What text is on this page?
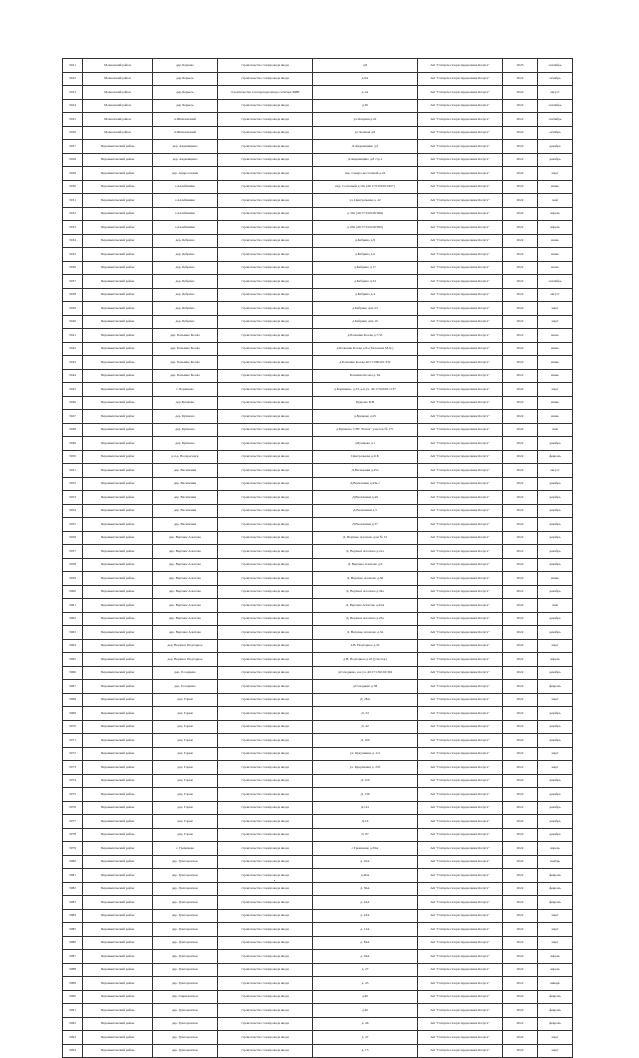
5021	Мошокский район	дер.Харчево	строительство газопровода ввода	д.8	АО "Газпром газораспределение Калуга"	2023	сентябрь
5022	Мошокский район	дер.Черкесь	строительство газопровода ввода	д.9А	АО "Газпром газораспределение Калуга"	2022	октябрь
5023	Мошокский район	дер.Черкесь	строительство газопровода ввода сети/цех ВИВ	д.1А	АО "Газпром газораспределение Калуга"	2022	август
5024	Мошокский район	дер.Черкесь	строительство газопровода ввода	д.30	АО "Газпром газораспределение Калуга"	2022	сентябрь
5025	Мошокский район	п.Шпиловский	строительство газопровода ввода	ул.Озерная д.22	АО "Газпром газораспределение Калуга"	2022	сентябрь
5026	Мошокский район	п.Шпиловский	строительство газопровода ввода	ул.Зеленая д.9	АО "Газпром газораспределение Калуга"	2022	октябрь
5027	Перемышльский район	дер. Авдеевщино	строительство газопровода ввода	Д.Авдеевщино д.2	АО "Газпром газораспределение Калуга"	2022	декабрь
5028	Перемышльский район	дер. Авдеевщино	строительство газопровода ввода	Д.Авдеевщино д.8 стр.1	АО "Газпром газораспределение Калуга"	2022	декабрь
5029	Перемышльский район	дер. Андросовичи	строительство газопровода ввода	пер. Северо-восточный д.24	АО "Газпром газораспределение Калуга"	2022	март
5030	Перемышльский район	с.Ахлебинино	строительство газопровода ввода	пер. Сосновый д.10а (40:17:010106:1607)	АО "Газпром газораспределение Калуга"	2022	июнь
5031	Перемышльский район	с.Ахлебинино	строительство газопровода ввода	ул. Центральная д. 22	АО "Газпром газораспределение Калуга"	2022	май
5032	Перемышльский район	с.Ахлебинино	строительство газопровода ввода	д. 56а (40:17:010106:609)	АО "Газпром газораспределение Калуга"	2022	апрель
5033	Перемышльский район	с.Ахлебинино	строительство газопровода ввода	д. 69а (40:17:010106:695)	АО "Газпром газораспределение Калуга"	2022	апрель
5034	Перемышльский район	дер. Бебрино	строительство газопровода ввода	д.Бебрино д.8	АО "Газпром газораспределение Калуга"	2022	июнь
5035	Перемышльский район	дер. Бебрино	строительство газопровода ввода	д.Бебрино д.6	АО "Газпром газораспределение Калуга"	2022	июнь
5036	Перемышльский район	дер. Бебрино	строительство газопровода ввода	д.Бебрино д.17	АО "Газпром газораспределение Калуга"	2022	июль
5037	Перемышльский район	дер. Бебрино	строительство газопровода ввода	д.Бебрино д.34	АО "Газпром газораспределение Калуга"	2022	сентябрь
5038	Перемышльский район	дер. Бебрино	строительство газопровода ввода	д.Бебрино д.4	АО "Газпром газораспределение Калуга"	2022	август
5039	Перемышльский район	дер. Бебрино	строительство газопровода ввода	д.Бебрино дом 23	АО "Газпром газораспределение Калуга"	2022	март
5040	Перемышльский район	дер. Бебрино	строительство газопровода ввода	д.Бебрино дом 10	АО "Газпром газораспределение Калуга"	2022	март
5041	Перемышльский район	дер. Большие Козлы	строительство газопровода ввода	д.Большие Козлы д.7/33	АО "Газпром газораспределение Калуга"	2022	июль
5042	Перемышльский район	дер. Большие Козлы	строительство газопровода ввода	д.Большие Козлы д.6а (Тихонова М.О.)	АО "Газпром газораспределение Калуга"	2022	июнь
5043	Перемышльский район	дер. Большие Козлы	строительство газопровода ввода	д.Большие Козлы 40:17:080101:332	АО "Газпром газораспределение Калуга"	2022	июнь
5044	Перемышльский район	дер. Большие Козлы	строительство газопровода ввода	Большие Козлы д. 64	АО "Газпром газораспределение Калуга"	2022	июнь
5045	Перемышльский район	с. Борищево	строительство газопровода ввода	д.Борищево, д.33, к.н.уч. 40:17:020101:137	АО "Газпром газораспределение Калуга"	2022	март
5046	Перемышльский район	дер.Бушково	строительство газопровода ввода	Кудрово Б/Н	АО "Газпром газораспределение Калуга"	2022	июнь
5047	Перемышльский район	дер. Бушково	строительство газопровода ввода	д.Бушково д.25	АО "Газпром газораспределение Калуга"	2022	июнь
5048	Перемышльский район	дер. Бушково	строительство газопровода ввода	д.Бушково, СНТ "Ключ" участок № 171	АО "Газпром газораспределение Калуга"	2022	май
5049	Перемышльский район	дер. Бушково	строительство газопровода ввода	д.Бушково д.1	АО "Газпром газораспределение Калуга"	2022	декабрь
5050	Перемышльский район	р.п.д. Воскресенск	строительство газопровода ввода	Центральная д.21Б	АО "Газпром газораспределение Калуга"	2022	февраль
5051	Перемышльский район	дер. Василенки	строительство газопровода ввода	Д.Василенки д.25а	АО "Газпром газораспределение Калуга"	2022	август
5052	Перемышльский район	дер. Василенки	строительство газопровода ввода	Д.Василенки д.43к.1	АО "Газпром газораспределение Калуга"	2022	декабрь
5053	Перемышльский район	дер. Василенки	строительство газопровода ввода	Д.Василенки д.49	АО "Газпром газораспределение Калуга"	2022	декабрь
5054	Перемышльский район	дер. Василенки	строительство газопровода ввода	Д.Василенки д.5	АО "Газпром газораспределение Калуга"	2022	декабрь
5055	Перемышльский район	дер. Василенки	строительство газопровода ввода	Д.Василенки д.37	АО "Газпром газораспределение Калуга"	2022	декабрь
5056	Перемышльский район	дер. Верхнее Алопово	строительство газопровода ввода	Д. Верхнее Алопово дом № 15	АО "Газпром газораспределение Калуга"	2022	декабрь
5057	Перемышльский район	дер. Верхнее Алопово	строительство газопровода ввода	Д. Верхнее Алопово д.21а	АО "Газпром газораспределение Калуга"	2022	декабрь
5058	Перемышльский район	дер. Верхнее Алопово	строительство газопровода ввода	Д. Верхнее Алопово д.6	АО "Газпром газораспределение Калуга"	2022	декабрь
5059	Перемышльский район	дер. Верхнее Алопово	строительство газопровода ввода	Д. Верхнее Алопово д.56	АО "Газпром газораспределение Калуга"	2022	июнь
5060	Перемышльский район	дер. Верхнее Алопово	строительство газопровода ввода	Д. Верхнее Алопово д.34а	АО "Газпром газораспределение Калуга"	2022	декабрь
5061	Перемышльский район	дер. Верхнее Алопово	строительство газопровода ввода	Д. Верхнее Алопово д.45А	АО "Газпром газораспределение Калуга"	2022	май
5062	Перемышльский район	дер. Верхнее Алопово	строительство газопровода ввода	Д. Верхнее Алопово д.25а	АО "Газпром газораспределение Калуга"	2022	декабрь
5063	Перемышльский район	дер. Верхнее Алопово	строительство газопровода ввода	Д. Верхнее Алопово д.34	АО "Газпром газораспределение Калуга"	2022	декабрь
5064	Перемышльский район	дер. Верхнее Подгорное	строительство газопровода ввода	д.В. Подгорное д.32	АО "Газпром газораспределение Калуга"	2022	март
5065	Перемышльский район	дер. Верхнее Подгорное	строительство газопровода ввода	д.В. Подгорное д.45 (участок)	АО "Газпром газораспределение Калуга"	2022	апрель
5066	Перемышльский район	дер. Голоднево	строительство газопровода ввода	д.Голоднево, к.н.уч. 40:17:130102:302	АО "Газпром газораспределение Калуга"	2022	декабрь
5067	Перемышльский район	дер. Голоднево	строительство газопровода ввода	д.Голоднево д.38	АО "Газпром газораспределение Калуга"	2022	февраль
5068	Перемышльский район	дер. Горки	строительство газопровода ввода	Д. 28А	АО "Газпром газораспределение Калуга"	2022	март
5069	Перемышльский район	дер. Горки	строительство газопровода ввода	Д. 34	АО "Газпром газораспределение Калуга"	2022	декабрь
5070	Перемышльский район	дер. Горки	строительство газопровода ввода	Д. 42	АО "Газпром газораспределение Калуга"	2022	декабрь
5071	Перемышльский район	дер. Горки	строительство газопровода ввода	Д. 100	АО "Газпром газораспределение Калуга"	2022	декабрь
5072	Перемышльский район	дер. Горки	строительство газопровода ввода	ул. Кукушкина д. 2/2	АО "Газпром газораспределение Калуга"	2022	март
5073	Перемышльский район	дер. Горки	строительство газопровода ввода	ул. Кукушкина д. 25б	АО "Газпром газораспределение Калуга"	2022	март
5074	Перемышльский район	дер. Горки	строительство газопровода ввода	Д. 150	АО "Газпром газораспределение Калуга"	2022	декабрь
5075	Перемышльский район	дер. Горки	строительство газопровода ввода	Д. 139	АО "Газпром газораспределение Калуга"	2022	декабрь
5076	Перемышльский район	дер. Горки	строительство газопровода ввода	Д.141	АО "Газпром газораспределение Калуга"	2022	декабрь
5077	Перемышльский район	дер. Горки	строительство газопровода ввода	Д.16	АО "Газпром газораспределение Калуга"	2022	декабрь
5078	Перемышльский район	дер. Горки	строительство газопровода ввода	Д. 87	АО "Газпром газораспределение Калуга"	2022	декабрь
5079	Перемышльский район	с. Гремячево	строительство газопровода ввода	с.Гремячево д.39А	АО "Газпром газораспределение Калуга"	2022	апрель
5080	Перемышльский район	дер. Григоровское	строительство газопровода ввода	д. 45А	АО "Газпром газораспределение Калуга"	2022	ноябрь
5081	Перемышльский район	дер. Григоровское	строительство газопровода ввода	д.46А	АО "Газпром газораспределение Калуга"	2022	февраль
5082	Перемышльский район	дер. Григоровское	строительство газопровода ввода	д. 36А	АО "Газпром газораспределение Калуга"	2022	февраль
5083	Перемышльский район	дер. Григоровское	строительство газопровода ввода	д. 42А	АО "Газпром газораспределение Калуга"	2022	февраль
5084	Перемышльский район	дер. Григоровское	строительство газопровода ввода	д. 43А	АО "Газпром газораспределение Калуга"	2022	март
5085	Перемышльский район	дер. Григоровское	строительство газопровода ввода	д. 12А	АО "Газпром газораспределение Калуга"	2022	март
5086	Перемышльский район	дер. Григоровское	строительство газопровода ввода	д. 84А	АО "Газпром газораспределение Калуга"	2022	март
5087	Перемышльский район	дер. Григоровское	строительство газопровода ввода	д. 94А	АО "Газпром газораспределение Калуга"	2022	апрель
5088	Перемышльский район	дер. Григоровское	строительство газопровода ввода	д. 27	АО "Газпром газораспределение Калуга"	2022	апрель
5089	Перемышльский район	дер. Григоровское	строительство газопровода ввода	д. 45	АО "Газпром газораспределение Калуга"	2022	январь
5090	Перемышльский район	дер. Гавриловское	строительство газопровода ввода	д.40	АО "Газпром газораспределение Калуга"	2022	февраль
5091	Перемышльский район	дер. Григоровское	строительство газопровода ввода	д.40	АО "Газпром газораспределение Калуга"	2022	февраль
5092	Перемышльский район	дер. Григоровское	строительство газопровода ввода	д. 46	АО "Газпром газораспределение Калуга"	2022	февраль
5093	Перемышльский район	дер. Григоровское	строительство газопровода ввода	д. 47	АО "Газпром газораспределение Калуга"	2022	март
5094	Перемышльский район	дер. Григоровское	строительство газопровода ввода	д. 15	АО "Газпром газораспределение Калуга"	2022	март
